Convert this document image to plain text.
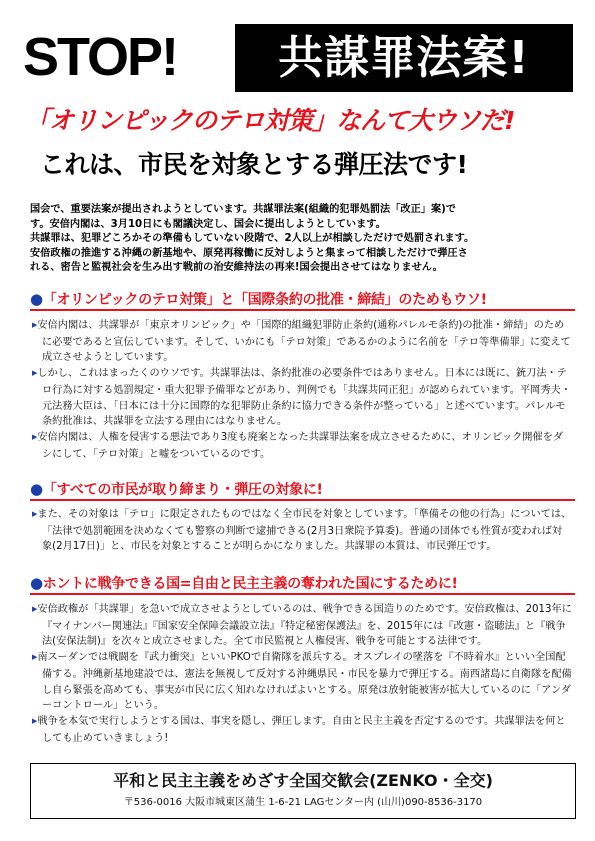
STOP!	共謀罪法案!
「オリンピックのテロ対策」なんて大ウソだ!
これは、市民を対象とする弾圧法です!

国会で、重要法案が提出されようとしています。共謀罪法案(組織的犯罪処罰法「改正」案)で

す。安倍内閣は、3月10日にも閣議決定し、国会に提出しようとしています。

共謀罪は、犯罪どころかその準備もしていない段階で、2人以上が相談しただけで処罰されます。

安倍政権の推進する沖縄の新基地や、原発再稼働に反対しようと集まって相談しただけで弾圧さ

れる、密告と監視社会を生み出す戦前の治安維持法の再来!国会提出させてはなりません。

●「オリンピックのテロ対策」と「国際条約の批准・締結」のためもウソ!

▶ 安倍内閣は、共謀罪が「東京オリンピック」や「国際的組織犯罪防止条約(通称パレルモ条約)の批准・締結」のために必要であると宣伝しています。そして、いかにも「テロ対策」であるかのように名前を「テロ等準備罪」に変えて成立させようとしています。

▶ しかし、これはまったくのウソです。共謀罪法は、条約批准の必要条件ではありません。日本には既に、銃刀法・テロ行為に対する処罰規定・重大犯罪予備罪などがあり、判例でも「共謀共同正犯」が認められています。平岡秀夫・元法務大臣は、「日本には十分に国際的な犯罪防止条約に協力できる条件が整っている」と述べています。パレルモ条約批准は、共謀罪を立法する理由にはなりません。

▶ 安倍内閣は、人権を侵害する悪法であり3度も廃案となった共謀罪法案を成立させるために、オリンピック開催をダシにして、「テロ対策」と嘘をついているのです。

●「すべての市民が取り締まり・弾圧の対象に!

▶ また、その対象は「テロ」に限定されたものではなく全市民を対象としています。「準備その他の行為」については、「法律で処罰範囲を決めなくても警察の判断で逮捕できる(2月3日衆院予算委)。普通の団体でも性質が変われば対象(2月17日)」と、市民を対象とすることが明らかになりました。共謀罪の本質は、市民弾圧です。

●ホントに戦争できる国=自由と民主主義の奪われた国にするために!

▶ 安倍政権が「共謀罪」を急いで成立させようとしているのは、戦争できる国造りのためです。安倍政権は、2013年に『マイナンバー関連法』『国家安全保障会議設立法』『特定秘密保護法』を、2015年には『改憲・盗聴法』と『戦争法(安保法制)』を次々と成立させました。全て市民監視と人権侵害、戦争を可能とする法律です。

▶ 南スーダンでは戦闘を『武力衝突』といいPKOで自衛隊を派兵する。オスプレイの墜落を『不時着水』といい全国配備する。沖縄新基地建設では、憲法を無視して反対する沖縄県民・市民を暴力で弾圧する。南西諸島に自衛隊を配備し自ら緊張を高めても、事実が市民に広く知れなければよいとする。原発は放射能被害が拡大しているのに「アンダーコントロール」という。

▶ 戦争を本気で実行しようとする国は、事実を隠し、弾圧します。自由と民主主義を否定するのです。共謀罪法を何としても止めていきましょう!

平和と民主主義をめざす全国交歓会(ZENKO・全交)
〒536-0016 大阪市城東区蒲生 1-6-21 LAGセンター内 (山川)090-8536-3170
